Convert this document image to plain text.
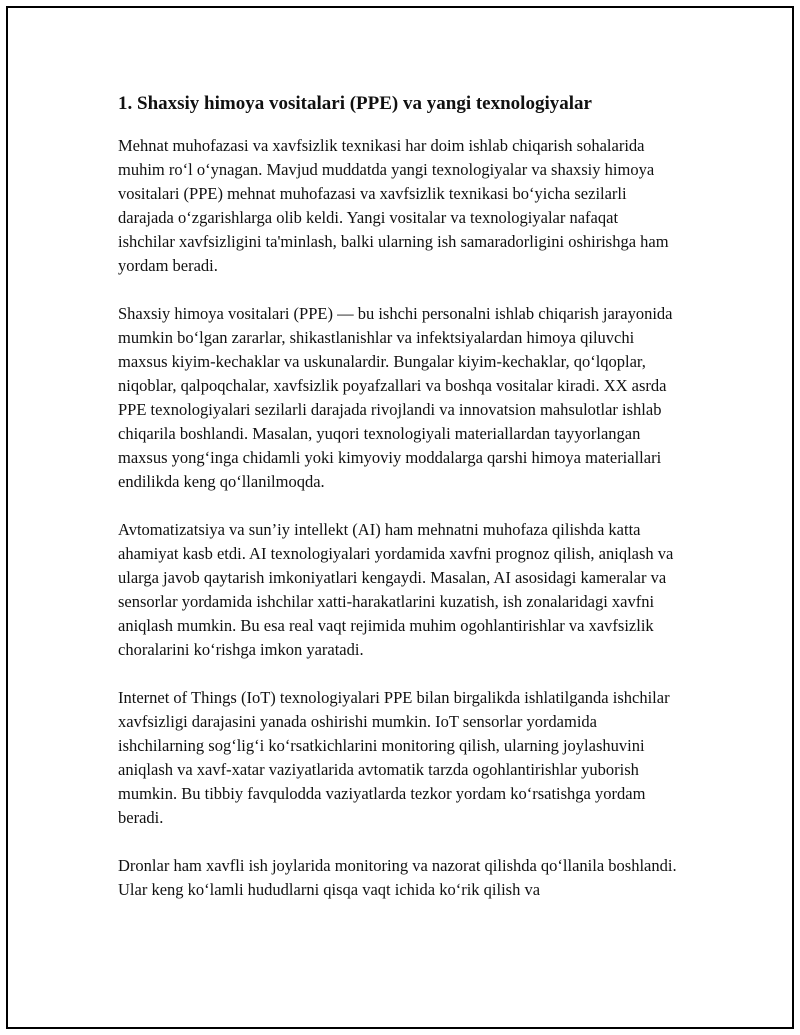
1. Shaxsiy himoya vositalari (PPE) va yangi texnologiyalar

Mehnat muhofazasi va xavfsizlik texnikasi har doim ishlab chiqarish sohalarida muhim ro‘l o‘ynagan. Mavjud muddatda yangi texnologiyalar va shaxsiy himoya vositalari (PPE) mehnat muhofazasi va xavfsizlik texnikasi bo‘yicha sezilarli darajada o‘zgarishlarga olib keldi. Yangi vositalar va texnologiyalar nafaqat ishchilar xavfsizligini ta'minlash, balki ularning ish samaradorligini oshirishga ham yordam beradi.

Shaxsiy himoya vositalari (PPE) — bu ishchi personalni ishlab chiqarish jarayonida mumkin bo‘lgan zararlar, shikastlanishlar va infektsiyalardan himoya qiluvchi maxsus kiyim-kechaklar va uskunalardir. Bungalar kiyim-kechaklar, qo‘lqoplar, niqoblar, qalpoqchalar, xavfsizlik poyafzallari va boshqa vositalar kiradi. XX asrda PPE texnologiyalari sezilarli darajada rivojlandi va innovatsion mahsulotlar ishlab chiqarila boshlandi. Masalan, yuqori texnologiyali materiallardan tayyorlangan maxsus yong‘inga chidamli yoki kimyoviy moddalarga qarshi himoya materiallari endilikda keng qo‘llanilmoqda.

Avtomatizatsiya va sun’iy intellekt (AI) ham mehnatni muhofaza qilishda katta ahamiyat kasb etdi. AI texnologiyalari yordamida xavfni prognoz qilish, aniqlash va ularga javob qaytarish imkoniyatlari kengaydi. Masalan, AI asosidagi kameralar va sensorlar yordamida ishchilar xatti-harakatlarini kuzatish, ish zonalaridagi xavfni aniqlash mumkin. Bu esa real vaqt rejimida muhim ogohlantirishlar va xavfsizlik choralarini ko‘rishga imkon yaratadi.

Internet of Things (IoT) texnologiyalari PPE bilan birgalikda ishlatilganda ishchilar xavfsizligi darajasini yanada oshirishi mumkin. IoT sensorlar yordamida ishchilarning sog‘lig‘i ko‘rsatkichlarini monitoring qilish, ularning joylashuvini aniqlash va xavf-xatar vaziyatlarida avtomatik tarzda ogohlantirishlar yuborish mumkin. Bu tibbiy favqulodda vaziyatlarda tezkor yordam ko‘rsatishga yordam beradi.

Dronlar ham xavfli ish joylarida monitoring va nazorat qilishda qo‘llanila boshlandi. Ular keng ko‘lamli hududlarni qisqa vaqt ichida ko‘rik qilish va
